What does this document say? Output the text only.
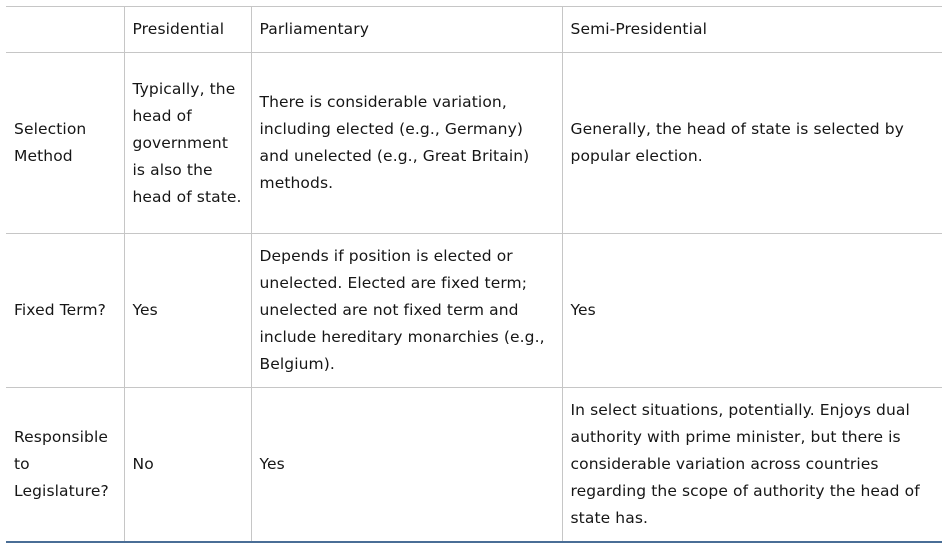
	Presidential	Parliamentary	Semi-Presidential
Selection Method	Typically, the head of government is also the head of state.	There is considerable variation, including elected (e.g., Germany) and unelected (e.g., Great Britain) methods.	Generally, the head of state is selected by popular election.
Fixed Term?	Yes	Depends if position is elected or unelected. Elected are fixed term; unelected are not fixed term and include hereditary monarchies (e.g., Belgium).	Yes
Responsible to Legislature?	No	Yes	In select situations, potentially. Enjoys dual authority with prime minister, but there is considerable variation across countries regarding the scope of authority the head of state has.
